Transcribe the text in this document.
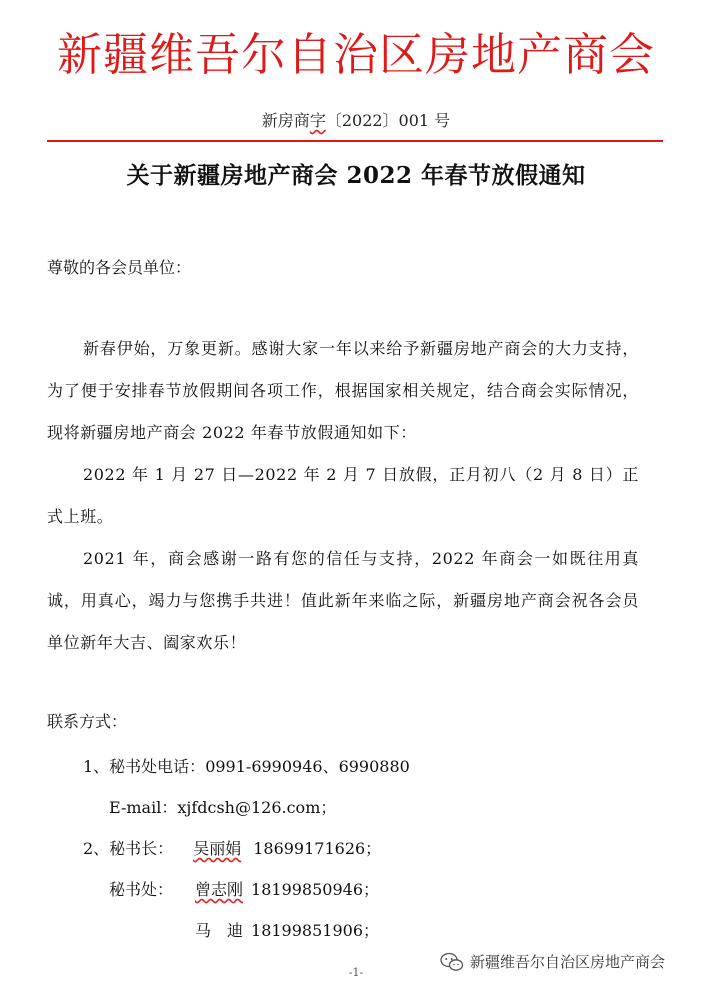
新疆维吾尔自治区房地产商会
新房商字〔2022〕001 号
关于新疆房地产商会 2022 年春节放假通知
尊敬的各会员单位：
新春伊始，万象更新。感谢大家一年以来给予新疆房地产商会的大力支持，为了便于安排春节放假期间各项工作，根据国家相关规定，结合商会实际情况，现将新疆房地产商会 2022 年春节放假通知如下：
2022 年 1 月 27 日—2022 年 2 月 7 日放假，正月初八（2 月 8 日）正式上班。
2021 年，商会感谢一路有您的信任与支持，2022 年商会一如既往用真诚，用真心，竭力与您携手共进！值此新年来临之际，新疆房地产商会祝各会员单位新年大吉、阖家欢乐！
联系方式：
1、秘书处电话：0991-6990946、6990880
E-mail：xjfdcsh@126.com；
2、秘书长： 吴丽娟 18699171626；
秘书处： 曾志刚 18199850946；
马　迪 18199851906；
-1-
新疆维吾尔自治区房地产商会
